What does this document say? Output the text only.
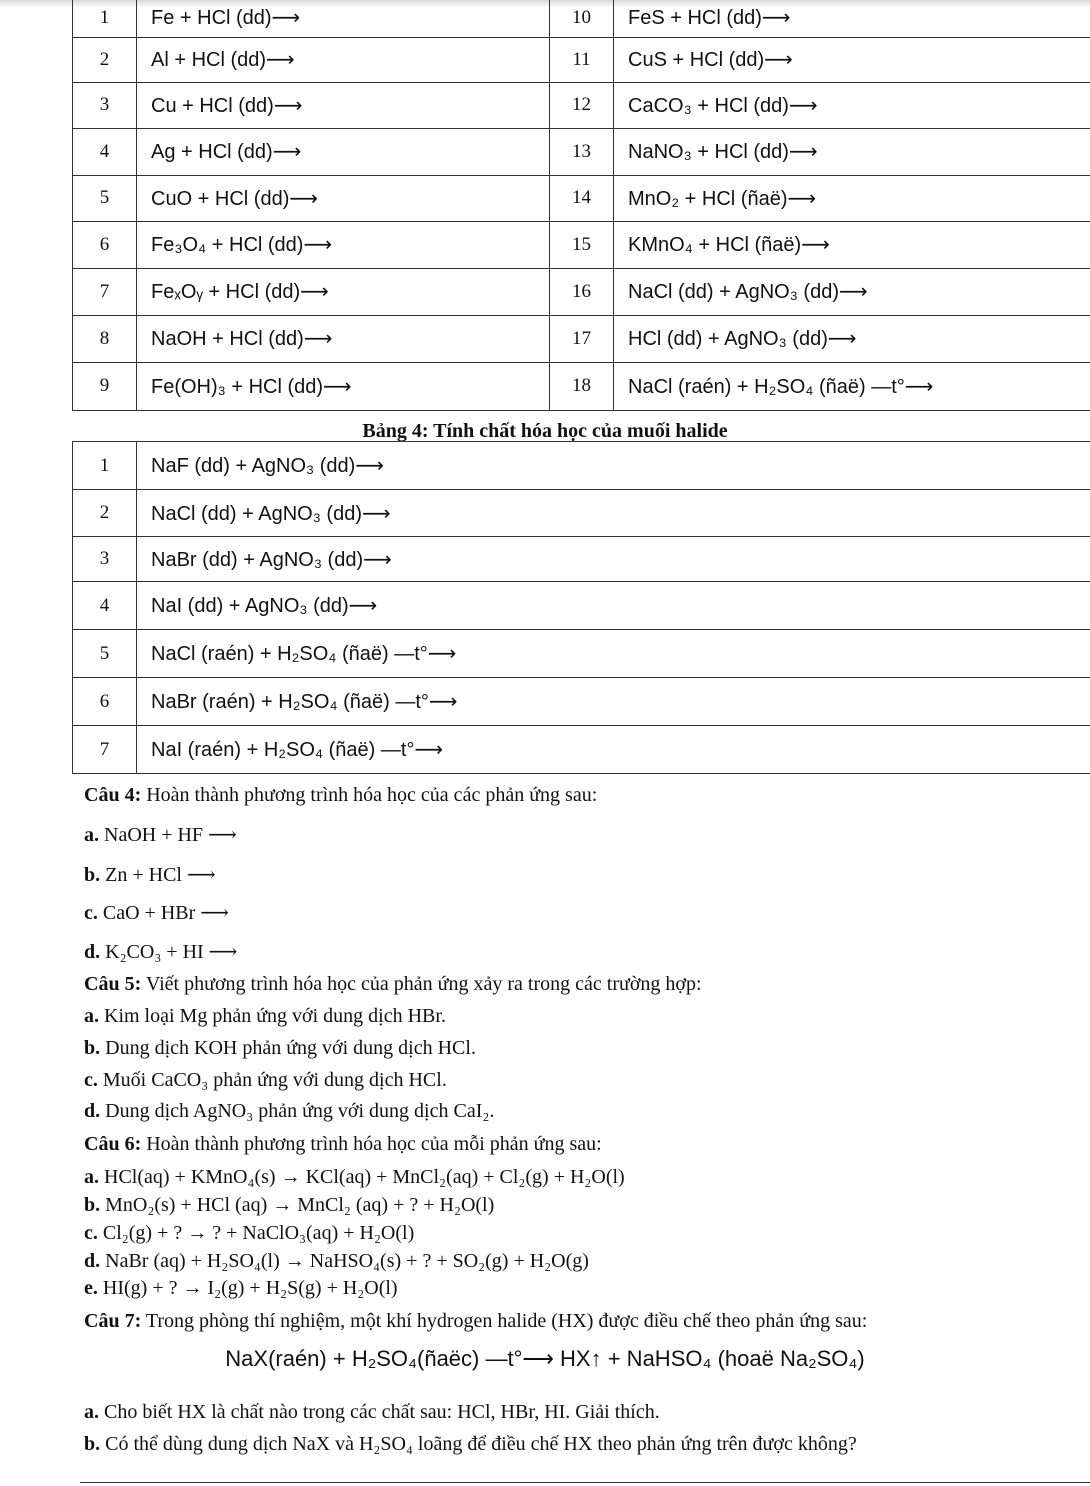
1	Fe + HCl (dd)⟶	10	FeS + HCl (dd)⟶
2	Al + HCl (dd)⟶	11	CuS + HCl (dd)⟶
3	Cu + HCl (dd)⟶	12	CaCO₃ + HCl (dd)⟶
4	Ag + HCl (dd)⟶	13	NaNO₃ + HCl (dd)⟶
5	CuO + HCl (dd)⟶	14	MnO₂ + HCl (ñaë)⟶
6	Fe₃O₄ + HCl (dd)⟶	15	KMnO₄ + HCl (ñaë)⟶
7	FeₓOᵧ + HCl (dd)⟶	16	NaCl (dd) + AgNO₃ (dd)⟶
8	NaOH + HCl (dd)⟶	17	HCl (dd) + AgNO₃ (dd)⟶
9	Fe(OH)₃ + HCl (dd)⟶	18	NaCl (raén) + H₂SO₄ (ñaë) —t°⟶
Bảng 4: Tính chất hóa học của muối halide
1	NaF (dd) + AgNO₃ (dd)⟶
2	NaCl (dd) + AgNO₃ (dd)⟶
3	NaBr (dd) + AgNO₃ (dd)⟶
4	NaI (dd) + AgNO₃ (dd)⟶
5	NaCl (raén) + H₂SO₄ (ñaë) —t°⟶
6	NaBr (raén) + H₂SO₄ (ñaë) —t°⟶
7	NaI (raén) + H₂SO₄ (ñaë) —t°⟶
Câu 4: Hoàn thành phương trình hóa học của các phản ứng sau:
a. NaOH + HF ⟶
b. Zn + HCl ⟶
c. CaO + HBr ⟶
d. K₂CO₃ + HI ⟶
Câu 5: Viết phương trình hóa học của phản ứng xảy ra trong các trường hợp:
a. Kim loại Mg phản ứng với dung dịch HBr.
b. Dung dịch KOH phản ứng với dung dịch HCl.
c. Muối CaCO₃ phản ứng với dung dịch HCl.
d. Dung dịch AgNO₃ phản ứng với dung dịch CaI₂.
Câu 6: Hoàn thành phương trình hóa học của mỗi phản ứng sau:
a. HCl(aq) + KMnO₄(s) → KCl(aq) + MnCl₂(aq) + Cl₂(g) + H₂O(l)
b. MnO₂(s) + HCl (aq) → MnCl₂ (aq) + ? + H₂O(l)
c. Cl₂(g) + ? → ? + NaClO₃(aq) + H₂O(l)
d. NaBr (aq) + H₂SO₄(l) → NaHSO₄(s) + ? + SO₂(g) + H₂O(g)
e. HI(g) + ? → I₂(g) + H₂S(g) + H₂O(l)
Câu 7: Trong phòng thí nghiệm, một khí hydrogen halide (HX) được điều chế theo phản ứng sau:
NaX(raén) + H₂SO₄(ñaëc) —t°⟶ HX↑ + NaHSO₄ (hoaë Na₂SO₄)
a. Cho biết HX là chất nào trong các chất sau: HCl, HBr, HI. Giải thích.
b. Có thể dùng dung dịch NaX và H₂SO₄ loãng để điều chế HX theo phản ứng trên được không?
